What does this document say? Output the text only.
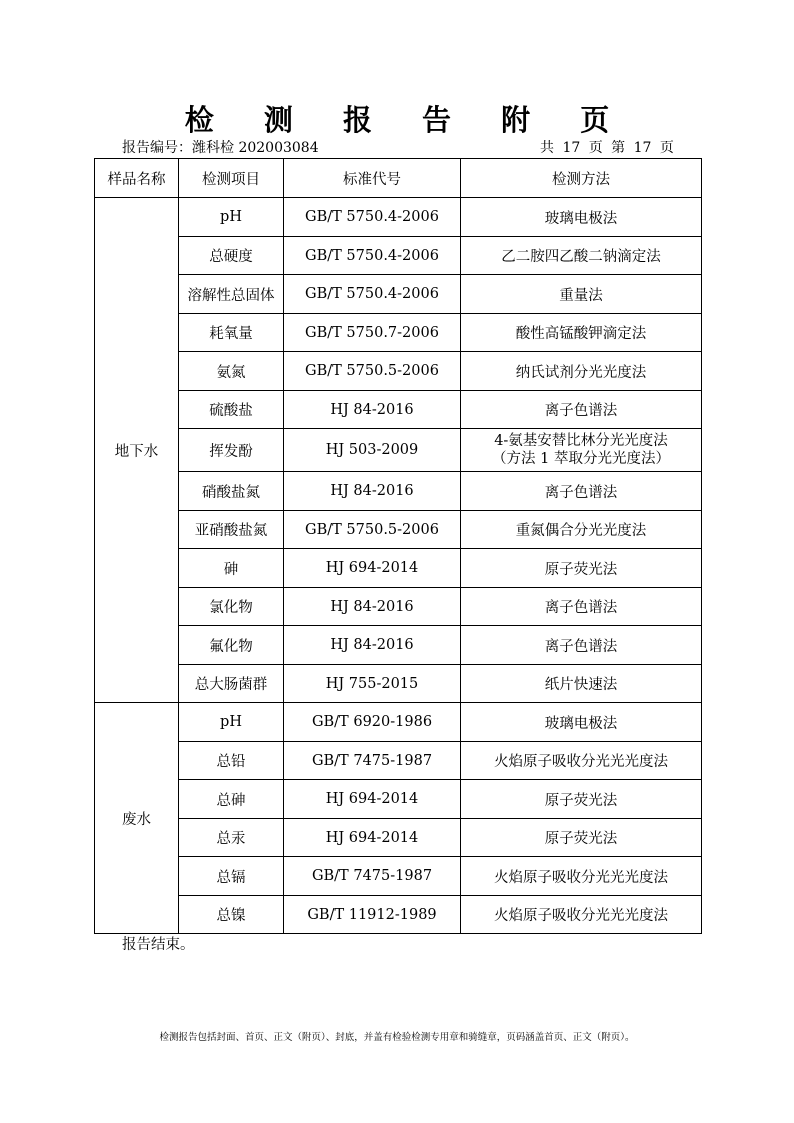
检 测 报 告 附 页
报告编号：潍科检 202003084	共 17 页 第 17 页
样品名称	检测项目	标准代号	检测方法
地下水	pH	GB/T 5750.4-2006	玻璃电极法
	总硬度	GB/T 5750.4-2006	乙二胺四乙酸二钠滴定法
	溶解性总固体	GB/T 5750.4-2006	重量法
	耗氧量	GB/T 5750.7-2006	酸性高锰酸钾滴定法
	氨氮	GB/T 5750.5-2006	纳氏试剂分光光度法
	硫酸盐	HJ 84-2016	离子色谱法
	挥发酚	HJ 503-2009	4-氨基安替比林分光光度法
（方法 1 萃取分光光度法）

	硝酸盐氮	HJ 84-2016	离子色谱法
	亚硝酸盐氮	GB/T 5750.5-2006	重氮偶合分光光度法
	砷	HJ 694-2014	原子荧光法
	氯化物	HJ 84-2016	离子色谱法
	氟化物	HJ 84-2016	离子色谱法
	总大肠菌群	HJ 755-2015	纸片快速法
废水	pH	GB/T 6920-1986	玻璃电极法
	总铅	GB/T 7475-1987	火焰原子吸收分光光光度法
	总砷	HJ 694-2014	原子荧光法
	总汞	HJ 694-2014	原子荧光法
	总镉	GB/T 7475-1987	火焰原子吸收分光光光度法
	总镍	GB/T 11912-1989	火焰原子吸收分光光光度法
报告结束。
检测报告包括封面、首页、正文（附页）、封底，并盖有检验检测专用章和骑缝章，页码涵盖首页、正文（附页）。
